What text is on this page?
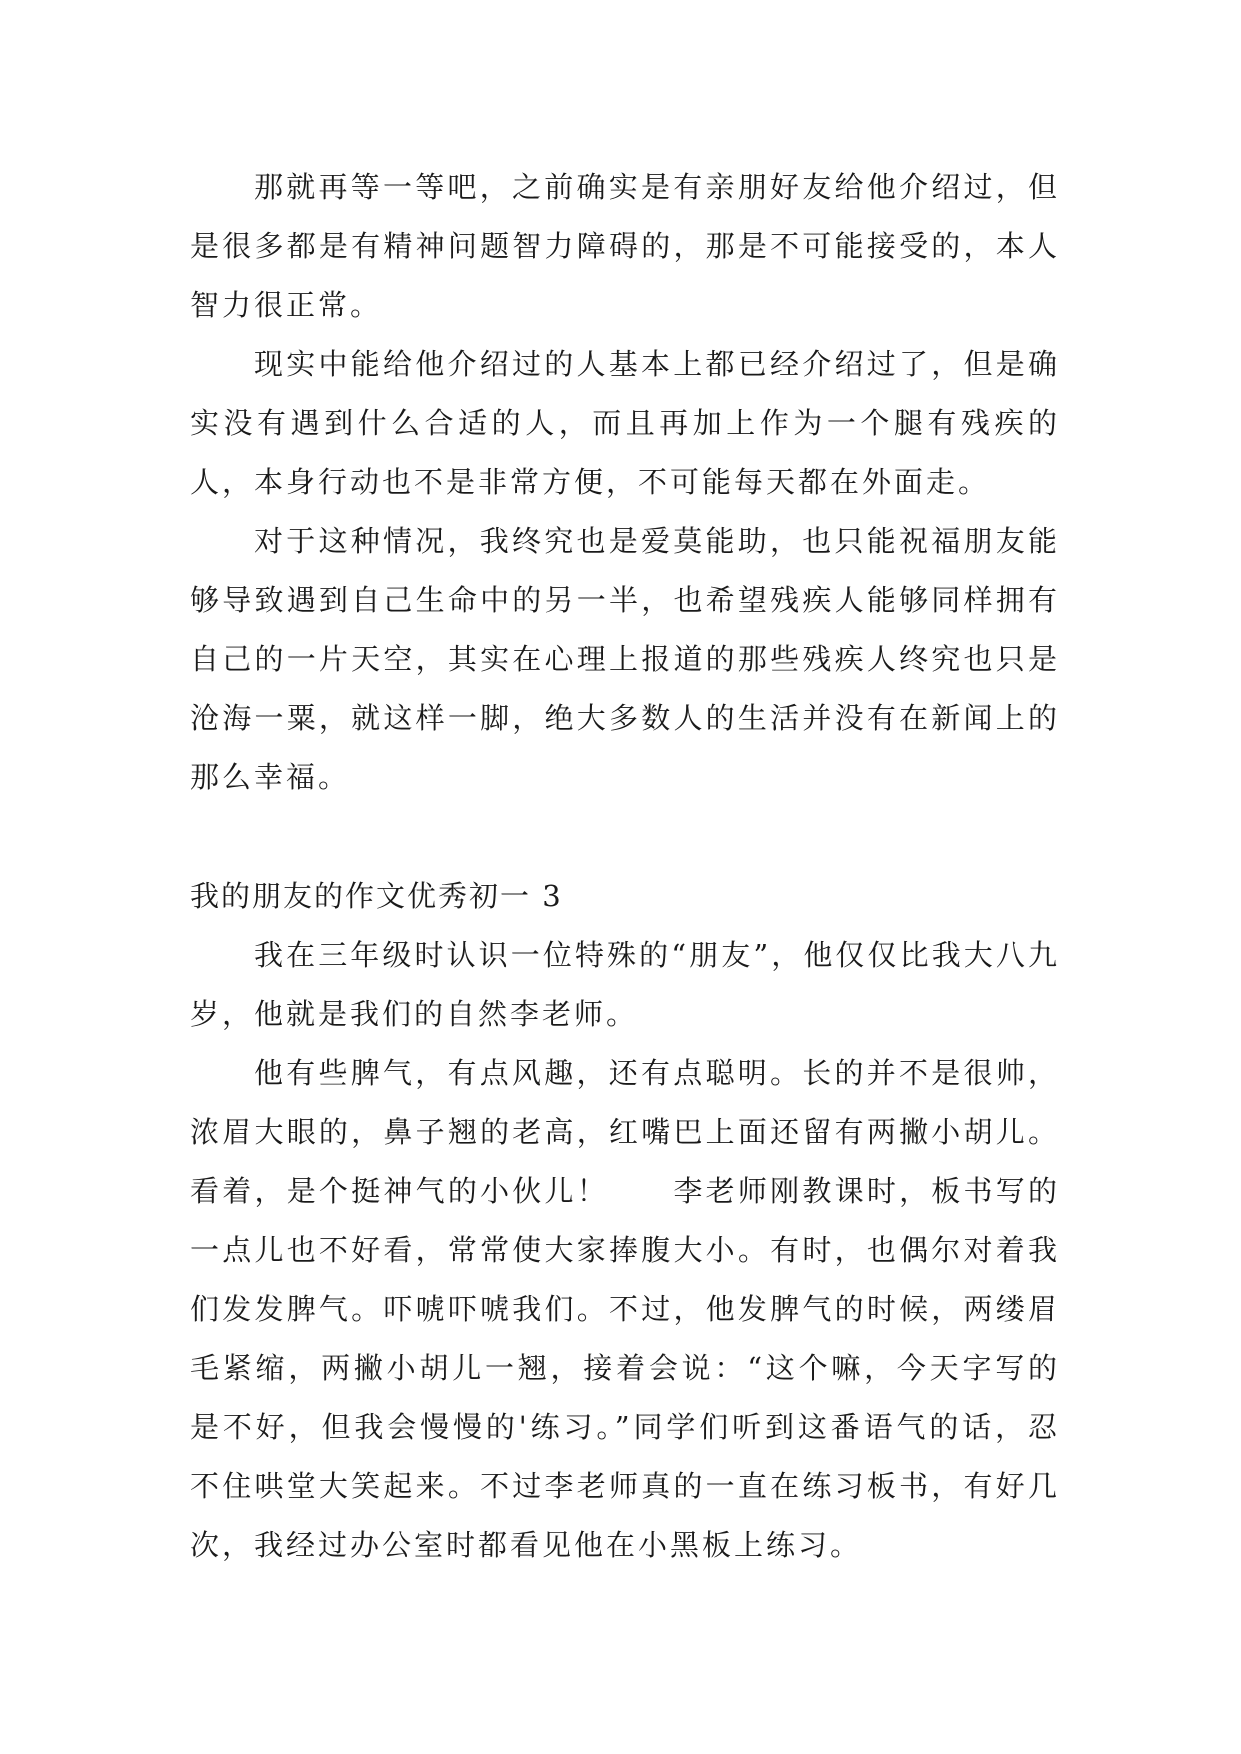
那就再等一等吧，之前确实是有亲朋好友给他介绍过，但是很多都是有精神问题智力障碍的，那是不可能接受的，本人智力很正常。

现实中能给他介绍过的人基本上都已经介绍过了，但是确实没有遇到什么合适的人，而且再加上作为一个腿有残疾的人，本身行动也不是非常方便，不可能每天都在外面走。

对于这种情况，我终究也是爱莫能助，也只能祝福朋友能够导致遇到自己生命中的另一半，也希望残疾人能够同样拥有自己的一片天空，其实在心理上报道的那些残疾人终究也只是沧海一粟，就这样一脚，绝大多数人的生活并没有在新闻上的那么幸福。

我的朋友的作文优秀初一 3

我在三年级时认识一位特殊的“朋友”，他仅仅比我大八九岁，他就是我们的自然李老师。

他有些脾气，有点风趣，还有点聪明。长的并不是很帅，浓眉大眼的，鼻子翘的老高，红嘴巴上面还留有两撇小胡儿。看着，是个挺神气的小伙儿！　　李老师刚教课时，板书写的一点儿也不好看，常常使大家捧腹大小。有时，也偶尔对着我们发发脾气。吓唬吓唬我们。不过，他发脾气的时候，两缕眉毛紧缩，两撇小胡儿一翘，接着会说：“这个嘛，今天字写的是不好，但我会慢慢的'练习。”同学们听到这番语气的话，忍不住哄堂大笑起来。不过李老师真的一直在练习板书，有好几次，我经过办公室时都看见他在小黑板上练习。
